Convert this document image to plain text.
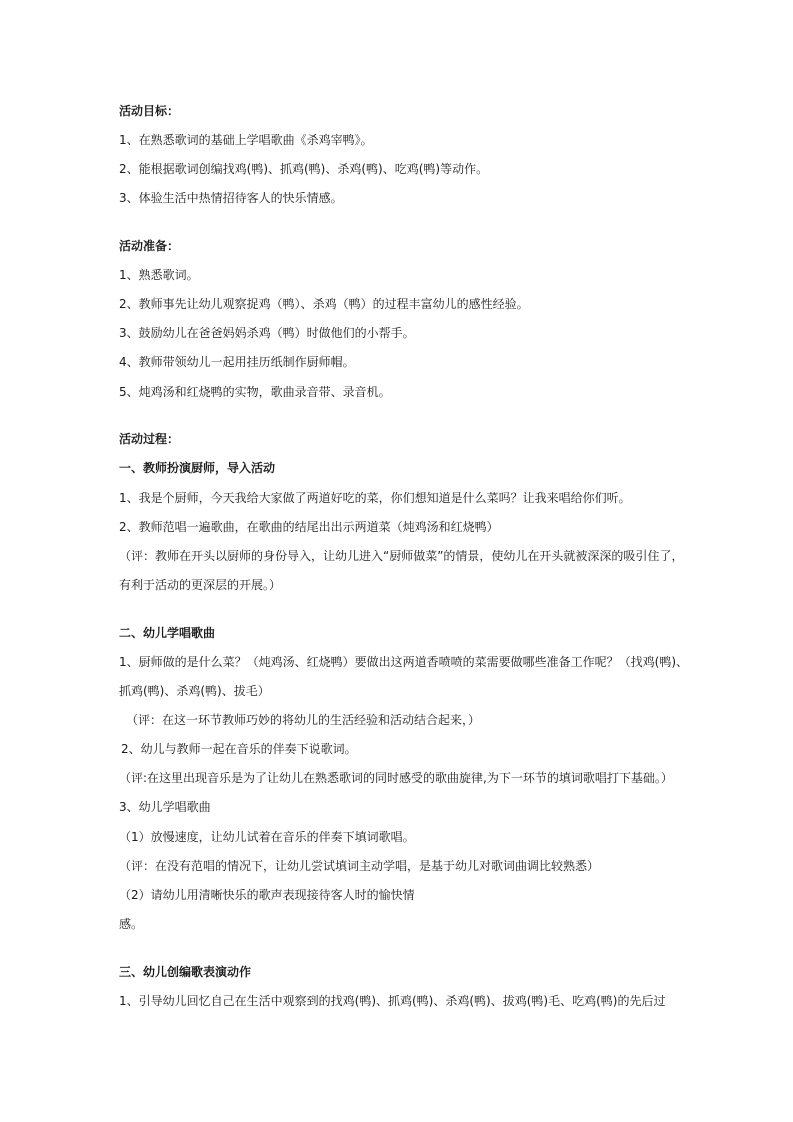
活动目标：
1、在熟悉歌词的基础上学唱歌曲《杀鸡宰鸭》。
2、能根据歌词创编找鸡(鸭)、抓鸡(鸭)、杀鸡(鸭)、吃鸡(鸭)等动作。
3、体验生活中热情招待客人的快乐情感。
活动准备：
1、熟悉歌词。
2、教师事先让幼儿观察捉鸡（鸭）、杀鸡（鸭）的过程丰富幼儿的感性经验。
3、鼓励幼儿在爸爸妈妈杀鸡（鸭）时做他们的小帮手。
4、教师带领幼儿一起用挂历纸制作厨师帽。
5、炖鸡汤和红烧鸭的实物，歌曲录音带、录音机。
活动过程：
一、教师扮演厨师，导入活动
1、我是个厨师，今天我给大家做了两道好吃的菜，你们想知道是什么菜吗？让我来唱给你们听。
2、教师范唱一遍歌曲，在歌曲的结尾出出示两道菜（炖鸡汤和红烧鸭）
（评：教师在开头以厨师的身份导入，让幼儿进入“厨师做菜”的情景，使幼儿在开头就被深深的吸引住了，
有利于活动的更深层的开展。）
二、幼儿学唱歌曲
1、厨师做的是什么菜？（炖鸡汤、红烧鸭）要做出这两道香喷喷的菜需要做哪些准备工作呢？（找鸡(鸭)、
抓鸡(鸭)、杀鸡(鸭)、拔毛）
（评：在这一环节教师巧妙的将幼儿的生活经验和活动结合起来，）
2、幼儿与教师一起在音乐的伴奏下说歌词。
（评:在这里出现音乐是为了让幼儿在熟悉歌词的同时感受的歌曲旋律,为下一环节的填词歌唱打下基础。）
3、幼儿学唱歌曲
（1）放慢速度，让幼儿试着在音乐的伴奏下填词歌唱。
（评：在没有范唱的情况下，让幼儿尝试填词主动学唱，是基于幼儿对歌词曲调比较熟悉）
（2）请幼儿用清晰快乐的歌声表现接待客人时的愉快情
感。
三、幼儿创编歌表演动作
1、引导幼儿回忆自己在生活中观察到的找鸡(鸭)、抓鸡(鸭)、杀鸡(鸭)、拔鸡(鸭)毛、吃鸡(鸭)的先后过
